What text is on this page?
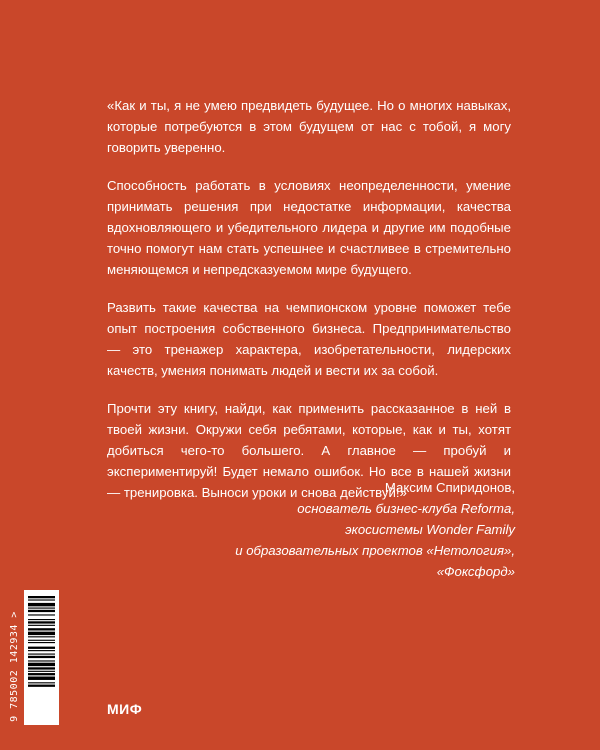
«Как и ты, я не умею предвидеть будущее. Но о многих навыках, которые потребуются в этом будущем от нас с тобой, я могу говорить уверенно.

Способность работать в условиях неопределенности, умение принимать решения при недостатке информации, качества вдохновляющего и убедительного лидера и другие им подобные точно помогут нам стать успешнее и счастливее в стремительно меняющемся и непредсказуемом мире будущего.

Развить такие качества на чемпионском уровне поможет тебе опыт построения собственного бизнеса. Предпринимательство — это тренажер характера, изобретательности, лидерских качеств, умения понимать людей и вести их за собой.

Прочти эту книгу, найди, как применить рассказанное в ней в твоей жизни. Окружи себя ребятами, которые, как и ты, хотят добиться чего-то большего. А главное — пробуй и экспериментируй! Будет немало ошибок. Но все в нашей жизни — тренировка. Выноси уроки и снова действуй!»

Максим Спиридонов,
основатель бизнес-клуба Reforma,
экосистемы Wonder Family
и образовательных проектов «Нетология»,
«Фоксфорд»
9 785002 142934 >	МИФ
